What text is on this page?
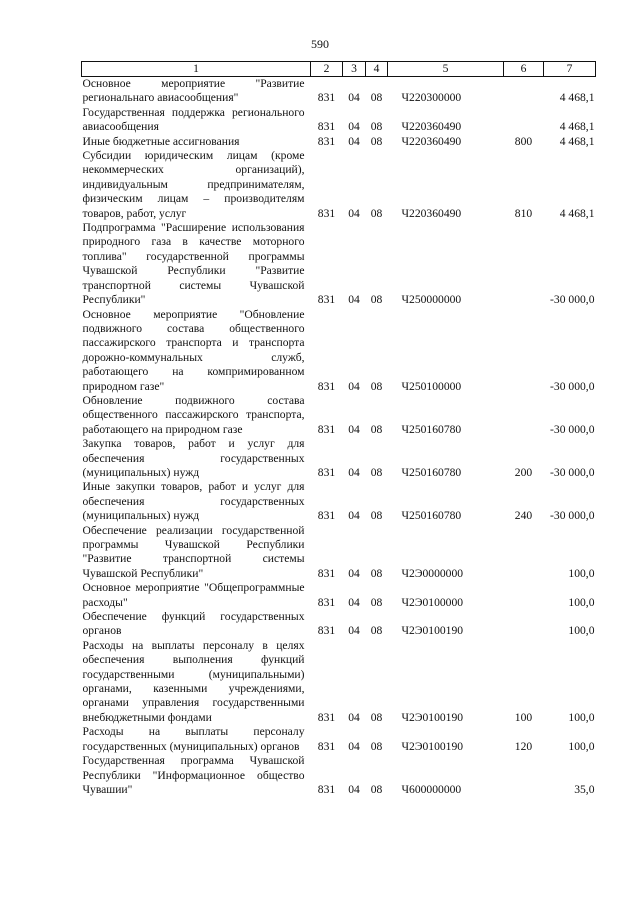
590
1	2	3	4	5	6	7
Основное мероприятие "Развитие региональнаго авиасообщения"	831	04	08	Ч220300000		4 468,1
Государственная поддержка регионального авиасообщения	831	04	08	Ч220360490		4 468,1
Иные бюджетные ассигнования	831	04	08	Ч220360490	800	4 468,1
Субсидии юридическим лицам (кроме некоммерческих организаций), индивидуальным предпринимателям, физическим лицам – производителям товаров, работ, услуг	831	04	08	Ч220360490	810	4 468,1
Подпрограмма "Расширение использования природного газа в качестве моторного топлива" государственной программы Чувашской Республики "Развитие транспортной системы Чувашской Республики"	831	04	08	Ч250000000		-30 000,0
Основное мероприятие "Обновление подвижного состава общественного пассажирского транспорта и транспорта дорожно-коммунальных служб, работающего на компримированном природном газе"	831	04	08	Ч250100000		-30 000,0
Обновление подвижного состава общественного пассажирского транспорта, работающего на природном газе	831	04	08	Ч250160780		-30 000,0
Закупка товаров, работ и услуг для обеспечения государственных (муниципальных) нужд	831	04	08	Ч250160780	200	-30 000,0
Иные закупки товаров, работ и услуг для обеспечения государственных (муниципальных) нужд	831	04	08	Ч250160780	240	-30 000,0
Обеспечение реализации государственной программы Чувашской Республики "Развитие транспортной системы Чувашской Республики"	831	04	08	Ч2Э0000000		100,0
Основное мероприятие "Общепрограммные расходы"	831	04	08	Ч2Э0100000		100,0
Обеспечение функций государственных органов	831	04	08	Ч2Э0100190		100,0
Расходы на выплаты персоналу в целях обеспечения выполнения функций государственными (муниципальными) органами, казенными учреждениями, органами управления государственными внебюджетными фондами	831	04	08	Ч2Э0100190	100	100,0
Расходы на выплаты персоналу государственных (муниципальных) органов	831	04	08	Ч2Э0100190	120	100,0
Государственная программа Чувашской Республики "Информационное общество Чувашии"	831	04	08	Ч600000000		35,0
